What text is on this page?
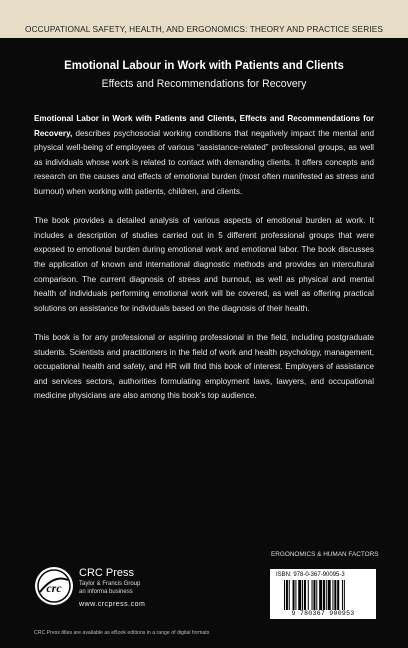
OCCUPATIONAL SAFETY, HEALTH, AND ERGONOMICS: THEORY AND PRACTICE SERIES
Emotional Labour in Work with Patients and Clients
Effects and Recommendations for Recovery

Emotional Labor in Work with Patients and Clients, Effects and Recommendations for Recovery, describes psychosocial working conditions that negatively impact the mental and physical well-being of employees of various “assistance-related” professional groups, as well as individuals whose work is related to contact with demanding clients. It offers concepts and research on the causes and effects of emotional burden (most often manifested as stress and burnout) when working with patients, children, and clients.

The book provides a detailed analysis of various aspects of emotional burden at work. It includes a description of studies carried out in 5 different professional groups that were exposed to emotional burden during emotional work and emotional labor. The book discusses the application of known and international diagnostic methods and provides an intercultural comparison. The current diagnosis of stress and burnout, as well as physical and mental health of individuals performing emotional work will be covered, as well as offering practical solutions on assistance for individuals based on the diagnosis of their health.

This book is for any professional or aspiring professional in the field, including postgraduate students. Scientists and practitioners in the field of work and health psychology, management, occupational health and safety, and HR will find this book of interest. Employers of assistance and services sectors, authorities formulating employment laws, lawyers, and occupational medicine physicians are also among this book’s top audience.

crc
CRC Press
Taylor & Francis Group
an informa business
www.crcpress.com
CRC Press titles are available as eBook editions in a range of digital formats
ERGONOMICS & HUMAN FACTORS
ISBN: 978-0-367-90095-3
9 780367 900953
